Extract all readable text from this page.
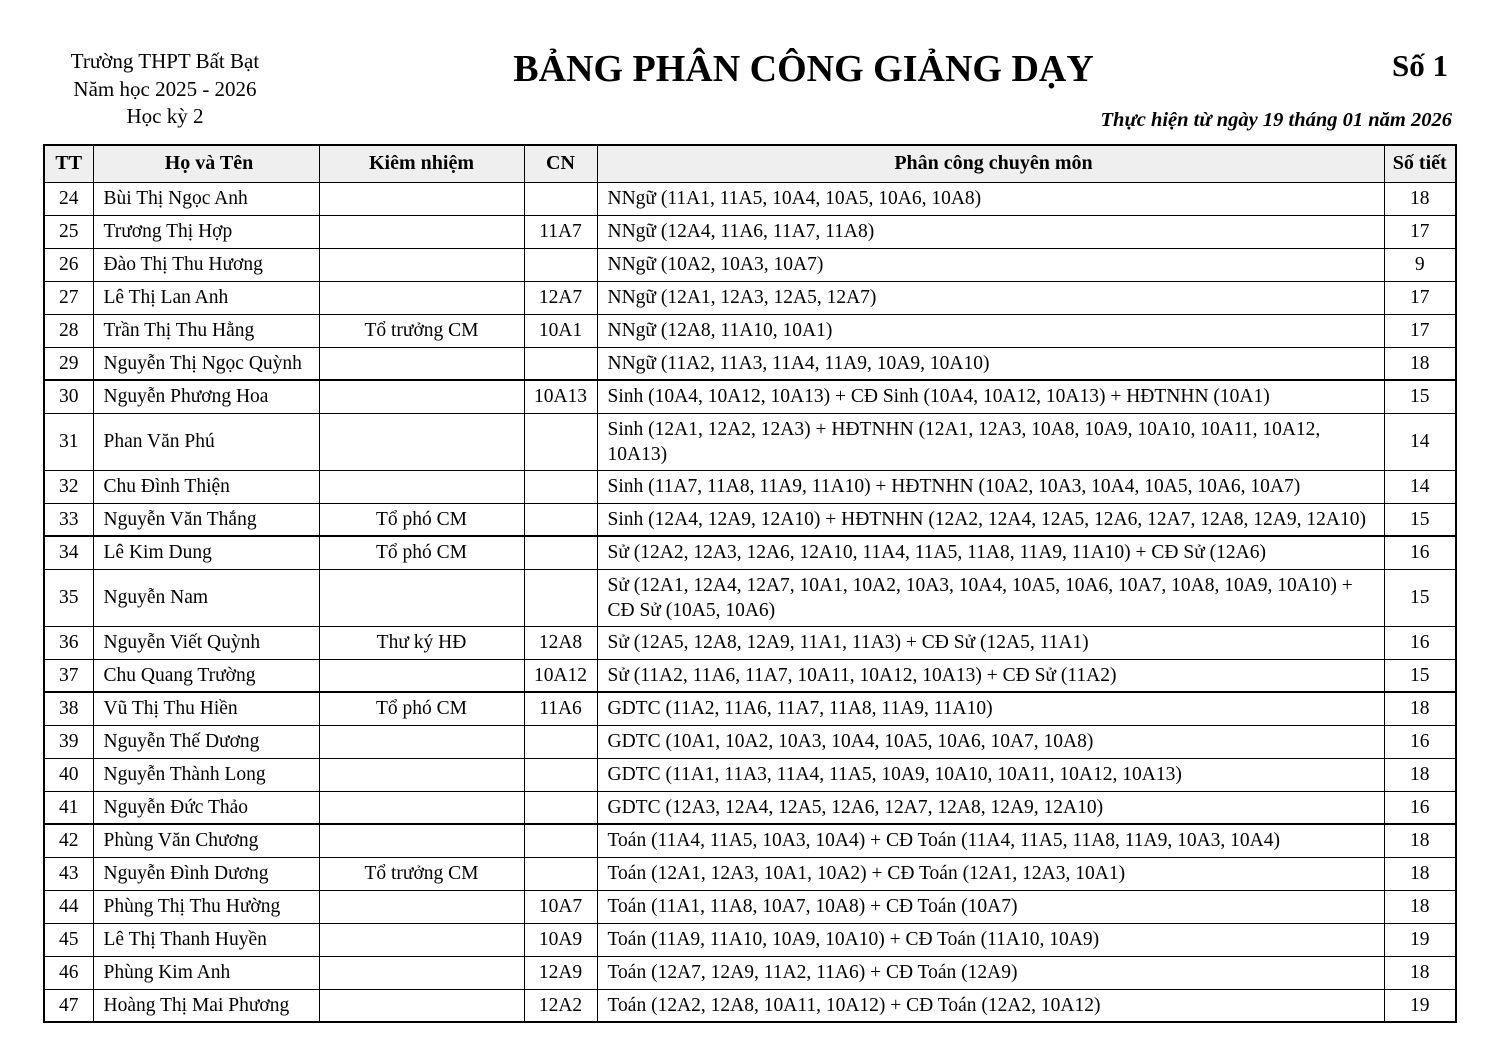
Trường THPT Bất Bạt
Năm học 2025 - 2026
Học kỳ 2
BẢNG PHÂN CÔNG GIẢNG DẠY	Số 1
Thực hiện từ ngày 19 tháng 01 năm 2026
TT	Họ và Tên	Kiêm nhiệm	CN	Phân công chuyên môn	Số tiết
24	Bùi Thị Ngọc Anh			NNgữ (11A1, 11A5, 10A4, 10A5, 10A6, 10A8)	18
25	Trương Thị Hợp		11A7	NNgữ (12A4, 11A6, 11A7, 11A8)	17
26	Đào Thị Thu Hương			NNgữ (10A2, 10A3, 10A7)	9
27	Lê Thị Lan Anh		12A7	NNgữ (12A1, 12A3, 12A5, 12A7)	17
28	Trần Thị Thu Hằng	Tổ trưởng CM	10A1	NNgữ (12A8, 11A10, 10A1)	17
29	Nguyễn Thị Ngọc Quỳnh			NNgữ (11A2, 11A3, 11A4, 11A9, 10A9, 10A10)	18
30	Nguyễn Phương Hoa		10A13	Sinh (10A4, 10A12, 10A13) + CĐ Sinh (10A4, 10A12, 10A13) + HĐTNHN (10A1)	15
31	Phan Văn Phú			Sinh (12A1, 12A2, 12A3) + HĐTNHN (12A1, 12A3, 10A8, 10A9, 10A10, 10A11, 10A12, 10A13)	14
32	Chu Đình Thiện			Sinh (11A7, 11A8, 11A9, 11A10) + HĐTNHN (10A2, 10A3, 10A4, 10A5, 10A6, 10A7)	14
33	Nguyễn Văn Thắng	Tổ phó CM		Sinh (12A4, 12A9, 12A10) + HĐTNHN (12A2, 12A4, 12A5, 12A6, 12A7, 12A8, 12A9, 12A10)	15
34	Lê Kim Dung	Tổ phó CM		Sử (12A2, 12A3, 12A6, 12A10, 11A4, 11A5, 11A8, 11A9, 11A10) + CĐ Sử (12A6)	16
35	Nguyễn Nam			Sử (12A1, 12A4, 12A7, 10A1, 10A2, 10A3, 10A4, 10A5, 10A6, 10A7, 10A8, 10A9, 10A10) + CĐ Sử (10A5, 10A6)	15
36	Nguyễn Viết Quỳnh	Thư ký HĐ	12A8	Sử (12A5, 12A8, 12A9, 11A1, 11A3) + CĐ Sử (12A5, 11A1)	16
37	Chu Quang Trường		10A12	Sử (11A2, 11A6, 11A7, 10A11, 10A12, 10A13) + CĐ Sử (11A2)	15
38	Vũ Thị Thu Hiền	Tổ phó CM	11A6	GDTC (11A2, 11A6, 11A7, 11A8, 11A9, 11A10)	18
39	Nguyễn Thế Dương			GDTC (10A1, 10A2, 10A3, 10A4, 10A5, 10A6, 10A7, 10A8)	16
40	Nguyễn Thành Long			GDTC (11A1, 11A3, 11A4, 11A5, 10A9, 10A10, 10A11, 10A12, 10A13)	18
41	Nguyễn Đức Thảo			GDTC (12A3, 12A4, 12A5, 12A6, 12A7, 12A8, 12A9, 12A10)	16
42	Phùng Văn Chương			Toán (11A4, 11A5, 10A3, 10A4) + CĐ Toán (11A4, 11A5, 11A8, 11A9, 10A3, 10A4)	18
43	Nguyễn Đình Dương	Tổ trưởng CM		Toán (12A1, 12A3, 10A1, 10A2) + CĐ Toán (12A1, 12A3, 10A1)	18
44	Phùng Thị Thu Hường		10A7	Toán (11A1, 11A8, 10A7, 10A8) + CĐ Toán (10A7)	18
45	Lê Thị Thanh Huyền		10A9	Toán (11A9, 11A10, 10A9, 10A10) + CĐ Toán (11A10, 10A9)	19
46	Phùng Kim Anh		12A9	Toán (12A7, 12A9, 11A2, 11A6) + CĐ Toán (12A9)	18
47	Hoàng Thị Mai Phương		12A2	Toán (12A2, 12A8, 10A11, 10A12) + CĐ Toán (12A2, 10A12)	19
